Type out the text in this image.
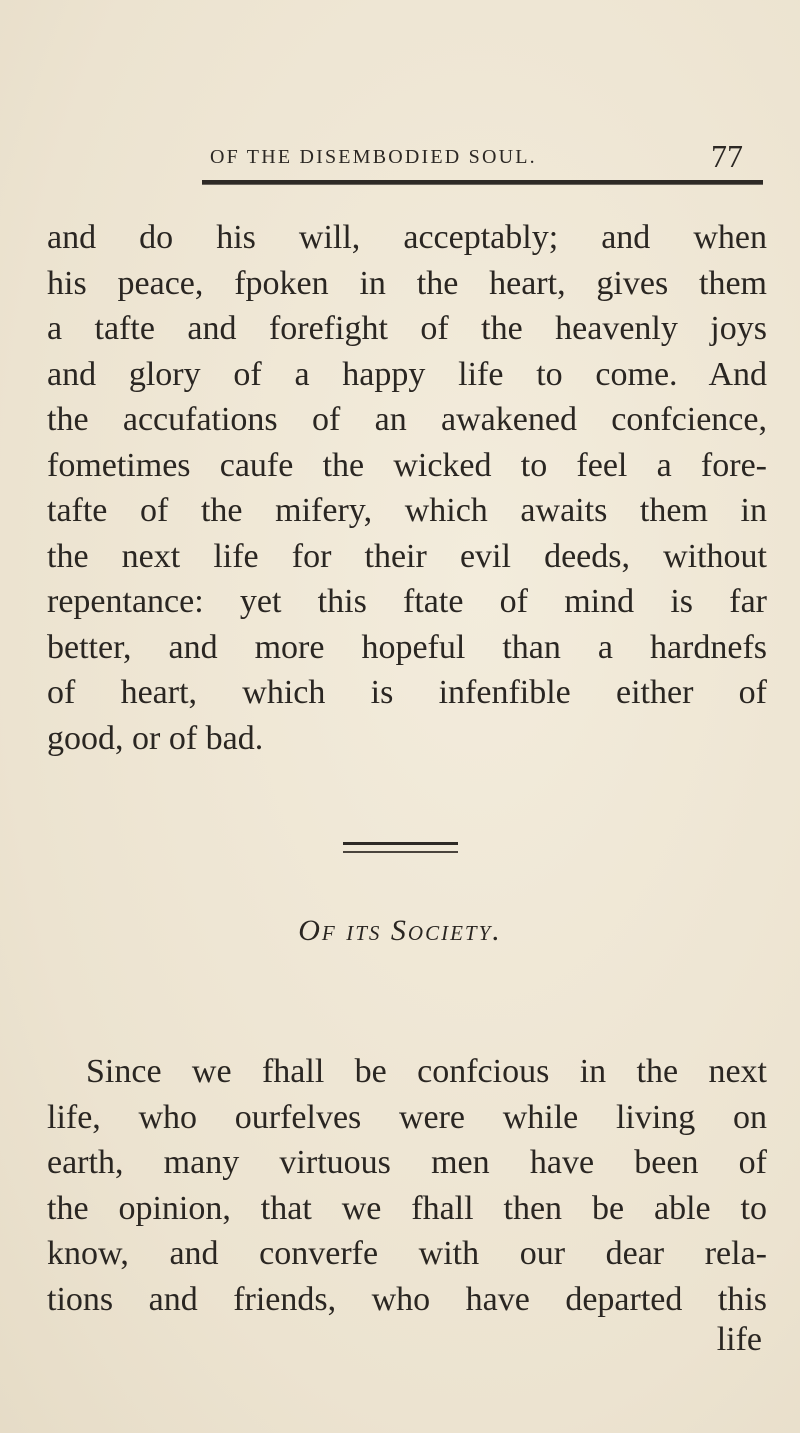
OF THE DISEMBODIED SOUL.	77

and do his will, acceptably; and when
his peace, fpoken in the heart, gives them
a tafte and forefight of the heavenly joys
and glory of a happy life to come. And
the accufations of an awakened confcience,
fometimes caufe the wicked to feel a fore-
tafte of the mifery, which awaits them in
the next life for their evil deeds, without
repentance: yet this ftate of mind is far
better, and more hopeful than a hardnefs
of heart, which is infenfible either of
good, or of bad.

Of its Society.

Since we fhall be confcious in the next
life, who ourfelves were while living on
earth, many virtuous men have been of
the opinion, that we fhall then be able to
know, and converfe with our dear rela-
tions and friends, who have departed this

life
